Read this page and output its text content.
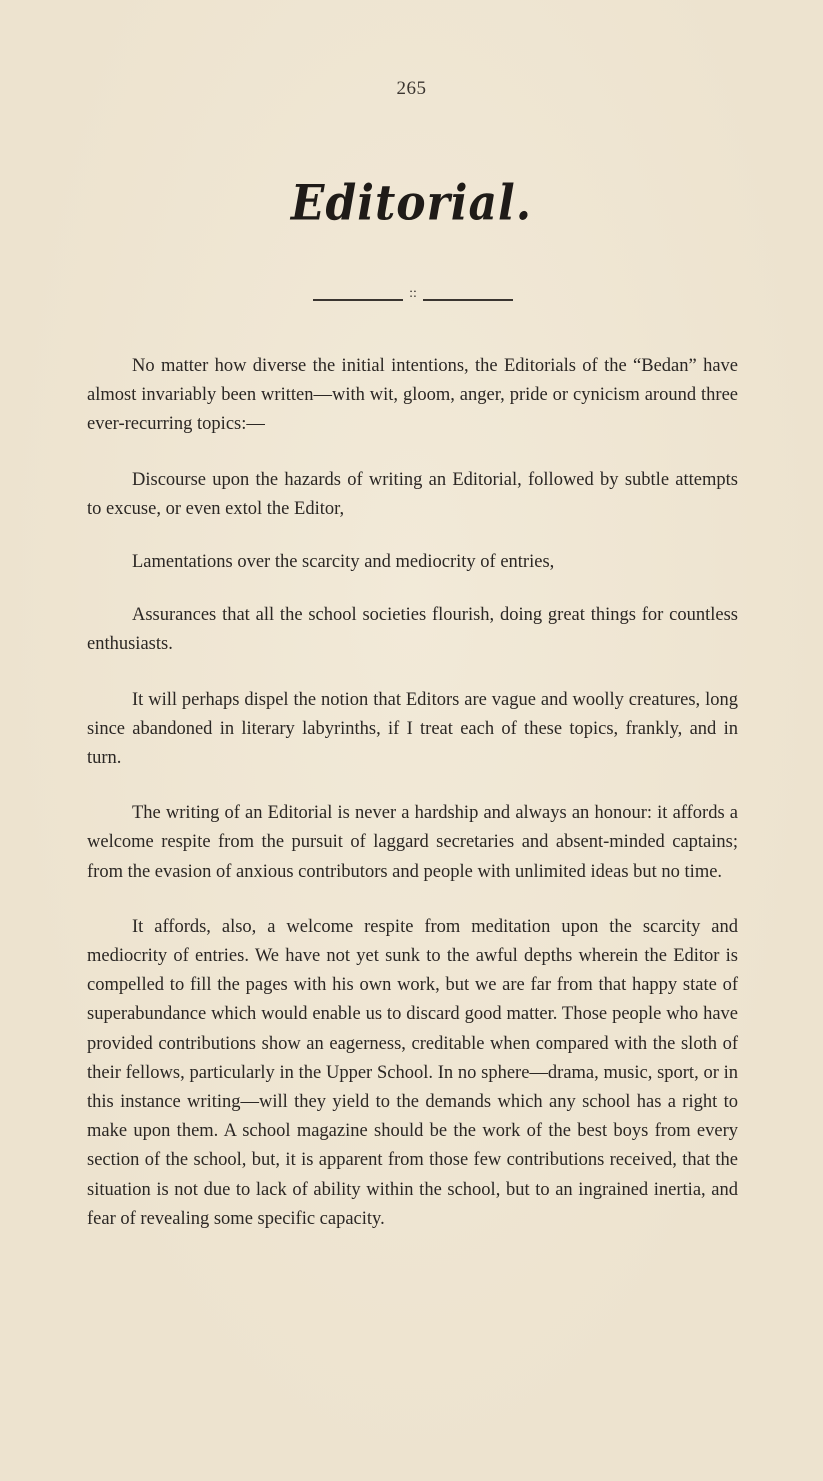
265
Editorial.
::

No matter how diverse the initial intentions, the Editorials of the “Bedan” have almost invariably been written—with wit, gloom, anger, pride or cynicism around three ever-recurring topics:—

Discourse upon the hazards of writing an Editorial, followed by subtle attempts to excuse, or even extol the Editor,

Lamentations over the scarcity and mediocrity of entries,

Assurances that all the school societies flourish, doing great things for countless enthusiasts.

It will perhaps dispel the notion that Editors are vague and woolly creatures, long since abandoned in literary labyrinths, if I treat each of these topics, frankly, and in turn.

The writing of an Editorial is never a hardship and always an honour: it affords a welcome respite from the pursuit of laggard secretaries and absent-minded captains; from the evasion of anxious contributors and people with unlimited ideas but no time.

It affords, also, a welcome respite from meditation upon the scarcity and mediocrity of entries. We have not yet sunk to the awful depths wherein the Editor is compelled to fill the pages with his own work, but we are far from that happy state of superabundance which would enable us to discard good matter. Those people who have provided contributions show an eagerness, creditable when compared with the sloth of their fellows, particularly in the Upper School. In no sphere—drama, music, sport, or in this instance writing—will they yield to the demands which any school has a right to make upon them. A school magazine should be the work of the best boys from every section of the school, but, it is apparent from those few contributions received, that the situation is not due to lack of ability within the school, but to an ingrained inertia, and fear of revealing some specific capacity.
